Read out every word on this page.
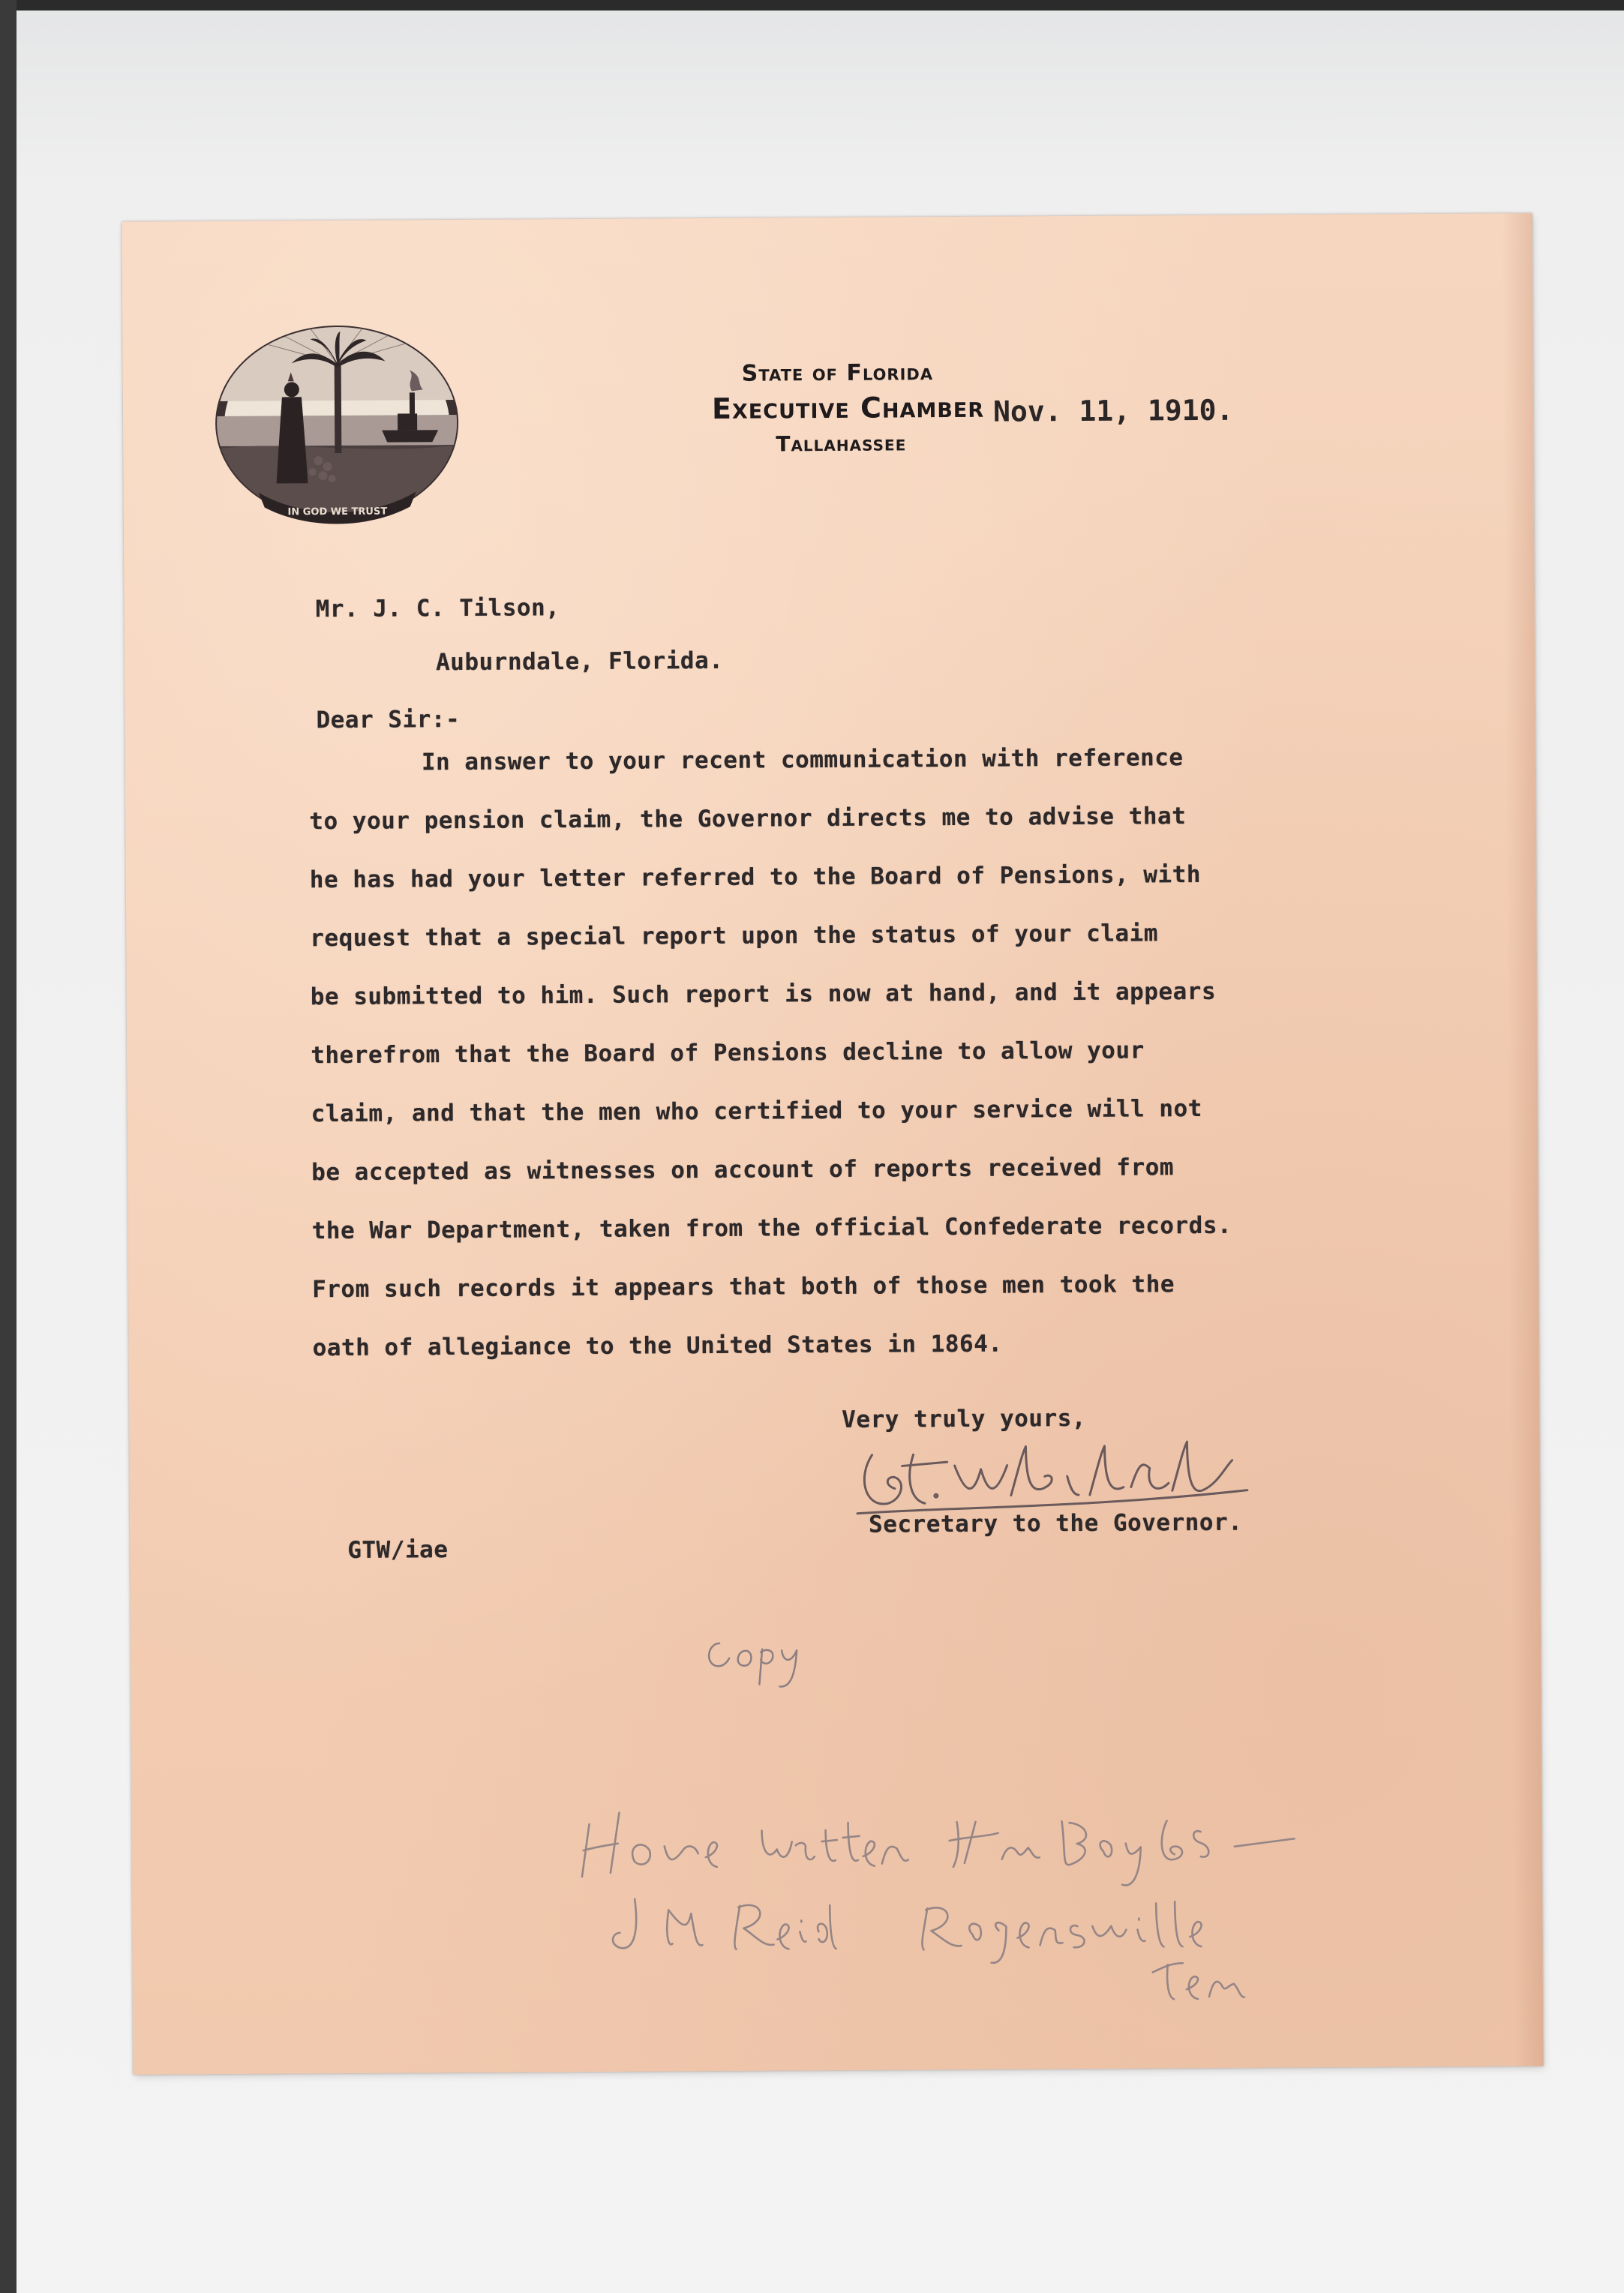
IN GOD WE TRUST
State of Florida
Executive Chamber
Tallahassee
Nov. 11, 1910.
Mr. J. C. Tilson,
Auburndale, Florida.
Dear Sir:-
In answer to your recent communication with reference
to your pension claim, the Governor directs me to advise that
he has had your letter referred to the Board of Pensions, with
request that a special report upon the status of your claim
be submitted to him. Such report is now at hand, and it appears
therefrom that the Board of Pensions decline to allow your
claim, and that the men who certified to your service will not
be accepted as witnesses on account of reports received from
the War Department, taken from the official Confederate records.
From such records it appears that both of those men took the
oath of allegiance to the United States in 1864.
Very truly yours,
Secretary to the Governor.
GTW/iae
